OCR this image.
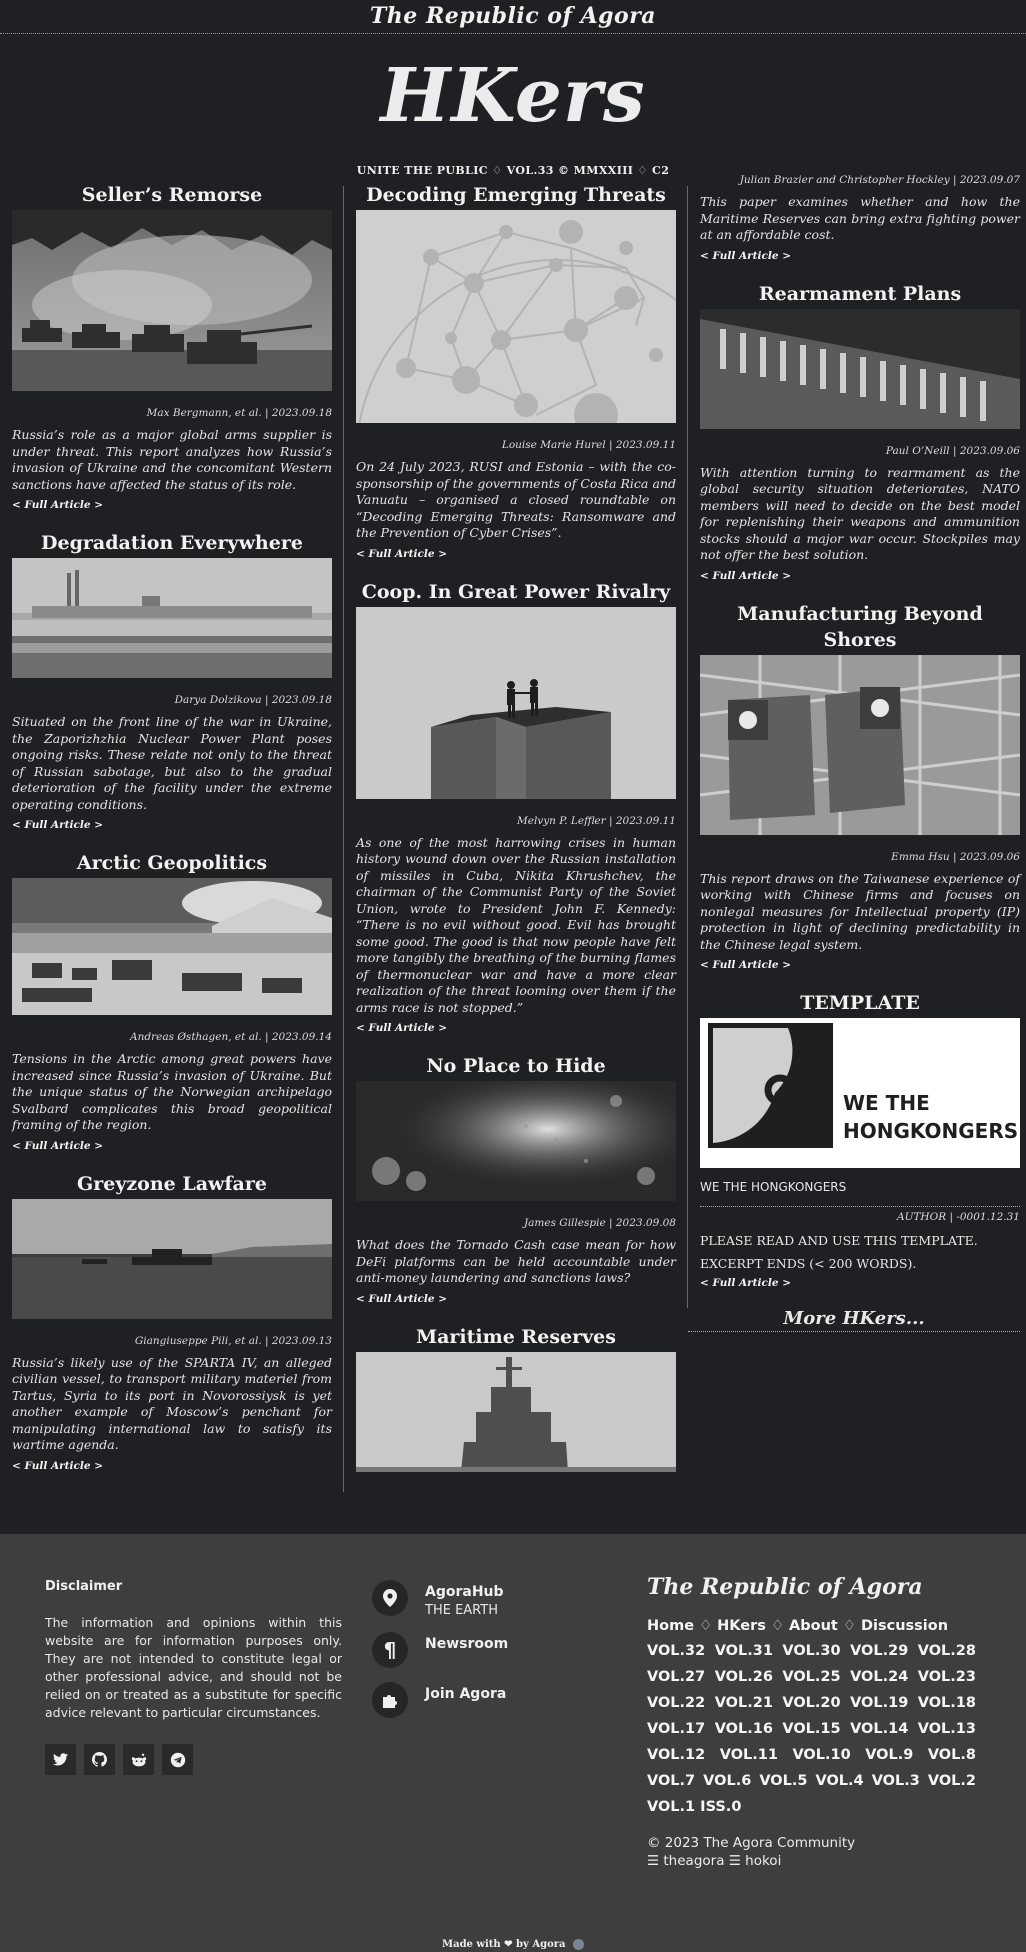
The Republic of Agora
HKers
UNITE THE PUBLIC ♢ VOL.33 © MMXXIII ♢ C2
Seller’s Remorse
Max Bergmann, et al. | 2023.09.18
Russia’s role as a major global arms supplier is under threat. This report analyzes how Russia’s invasion of Ukraine and the concomitant Western sanctions have affected the status of its role.
< Full Article >
Degradation Everywhere
Darya Dolzikova | 2023.09.18
Situated on the front line of the war in Ukraine, the Zaporizhzhia Nuclear Power Plant poses ongoing risks. These relate not only to the threat of Russian sabotage, but also to the gradual deterioration of the facility under the extreme operating conditions.
< Full Article >
Arctic Geopolitics
Andreas Østhagen, et al. | 2023.09.14
Tensions in the Arctic among great powers have increased since Russia’s invasion of Ukraine. But the unique status of the Norwegian archipelago Svalbard complicates this broad geopolitical framing of the region.
< Full Article >
Greyzone Lawfare
Giangiuseppe Pili, et al. | 2023.09.13
Russia’s likely use of the SPARTA IV, an alleged civilian vessel, to transport military materiel from Tartus, Syria to its port in Novorossiysk is yet another example of Moscow’s penchant for manipulating international law to satisfy its wartime agenda.
< Full Article >
Decoding Emerging Threats
Louise Marie Hurel | 2023.09.11
On 24 July 2023, RUSI and Estonia – with the co-sponsorship of the governments of Costa Rica and Vanuatu – organised a closed roundtable on “Decoding Emerging Threats: Ransomware and the Prevention of Cyber Crises”.
< Full Article >
Coop. In Great Power Rivalry
Melvyn P. Leffler | 2023.09.11
As one of the most harrowing crises in human history wound down over the Russian installation of missiles in Cuba, Nikita Khrushchev, the chairman of the Communist Party of the Soviet Union, wrote to President John F. Kennedy: “There is no evil without good. Evil has brought some good. The good is that now people have felt more tangibly the breathing of the burning flames of thermonuclear war and have a more clear realization of the threat looming over them if the arms race is not stopped.”
< Full Article >
No Place to Hide
James Gillespie | 2023.09.08
What does the Tornado Cash case mean for how DeFi platforms can be held accountable under anti-money laundering and sanctions laws?
< Full Article >
Maritime Reserves
Julian Brazier and Christopher Hockley | 2023.09.07
This paper examines whether and how the Maritime Reserves can bring extra fighting power at an affordable cost.
< Full Article >
Rearmament Plans
Paul O’Neill | 2023.09.06
With attention turning to rearmament as the global security situation deteriorates, NATO members will need to decide on the best model for replenishing their weapons and ammunition stocks should a major war occur. Stockpiles may not offer the best solution.
< Full Article >
Manufacturing Beyond Shores
Emma Hsu | 2023.09.06
This report draws on the Taiwanese experience of working with Chinese firms and focuses on nonlegal measures for Intellectual property (IP) protection in light of declining predictability in the Chinese legal system.
< Full Article >
TEMPLATE
WE THE
HONGKONGERS
WE THE HONGKONGERS
AUTHOR | -0001.12.31
PLEASE READ AND USE THIS TEMPLATE.
EXCERPT ENDS (< 200 WORDS).
< Full Article >
More HKers...
Disclaimer

The information and opinions within this website are for information purposes only. They are not intended to constitute legal or other professional advice, and should not be relied on or treated as a substitute for specific advice relevant to particular circumstances.

AgoraHub
THE EARTH
¶ Newsroom
Join Agora
The Republic of Agora
Home ♢ HKers ♢ About ♢ Discussion
VOL.32 VOL.31 VOL.30 VOL.29 VOL.28
VOL.27 VOL.26 VOL.25 VOL.24 VOL.23
VOL.22 VOL.21 VOL.20 VOL.19 VOL.18
VOL.17 VOL.16 VOL.15 VOL.14 VOL.13
VOL.12 VOL.11 VOL.10 VOL.9 VOL.8
VOL.7 VOL.6 VOL.5 VOL.4 VOL.3 VOL.2
VOL.1 ISS.0
© 2023 The Agora Community
☰ theagora ☰ hokoi
Made with ❤ by Agora
